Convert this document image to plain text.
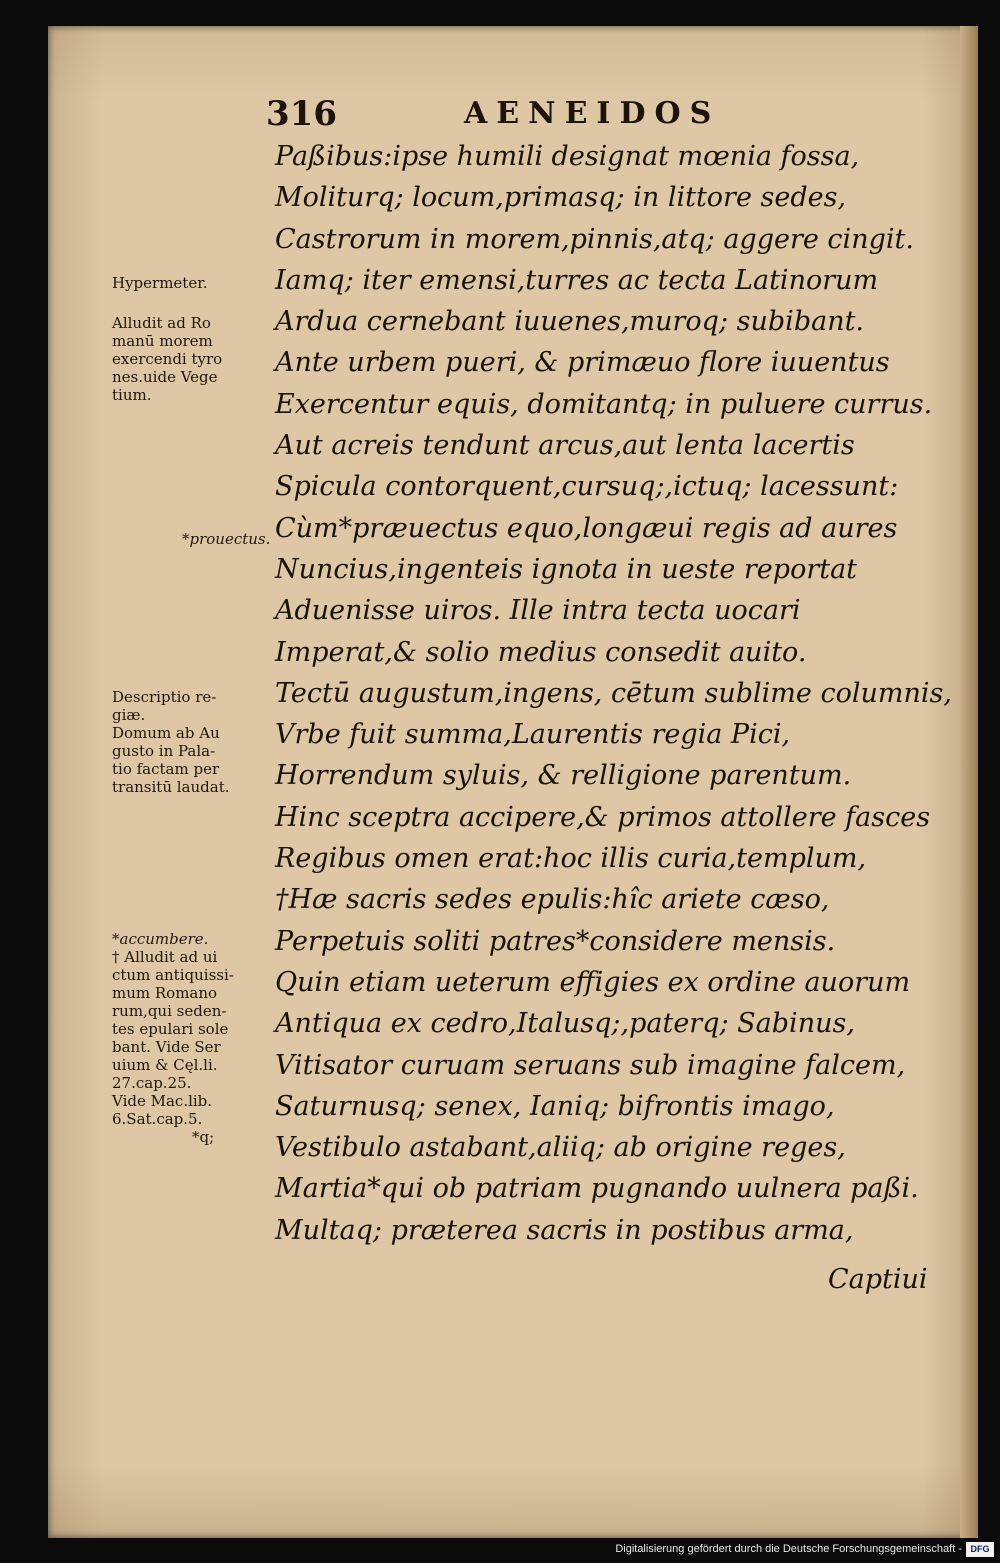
316	AENEIDOS
Paßibus:ipse humili designat mœnia fossa,
Moliturq; locum,primasq; in littore sedes,
Castrorum in morem,pinnis,atq; aggere cingit.
Iamq; iter emensi,turres ac tecta Latinorum
Ardua cernebant iuuenes,muroq; subibant.
Ante urbem pueri, & primæuo flore iuuentus
Exercentur equis, domitantq; in puluere currus.
Aut acreis tendunt arcus,aut lenta lacertis
Spicula contorquent,cursuq;,ictuq; lacessunt:
Cùm*præuectus equo,longæui regis ad aures
Nuncius,ingenteis ignota in ueste reportat
Aduenisse uiros. Ille intra tecta uocari
Imperat,& solio medius consedit auito.
Tectū augustum,ingens, cētum sublime columnis,
Vrbe fuit summa,Laurentis regia Pici,
Horrendum syluis, & relligione parentum.
Hinc sceptra accipere,& primos attollere fasces
Regibus omen erat:hoc illis curia,templum,
†Hæ sacris sedes epulis:hîc ariete cæso,
Perpetuis soliti patres*considere mensis.
Quin etiam ueterum effigies ex ordine auorum
Antiqua ex cedro,Italusq;,paterq; Sabinus,
Vitisator curuam seruans sub imagine falcem,
Saturnusq; senex, Ianiq; bifrontis imago,
Vestibulo astabant,aliiq; ab origine reges,
Martia*qui ob patriam pugnando uulnera paßi.
Multaq; præterea sacris in postibus arma,
Captiui
Hypermeter.
Alludit ad Ro
manū morem
exercendi tyro
nes.uide Vege
tium.
*prouectus.
Descriptio re-
giæ.
Domum ab Au
gusto in Pala-
tio factam per
transitū laudat.
*accumbere.
† Alludit ad ui
ctum antiquissi-
mum Romano
rum,qui seden-
tes epulari sole
bant. Vide Ser
uium & Cęl.li.
27.cap.25.
Vide Mac.lib.
6.Sat.cap.5.
*q;
Digitalisierung gefördert durch die Deutsche Forschungsgemeinschaft - DFG
